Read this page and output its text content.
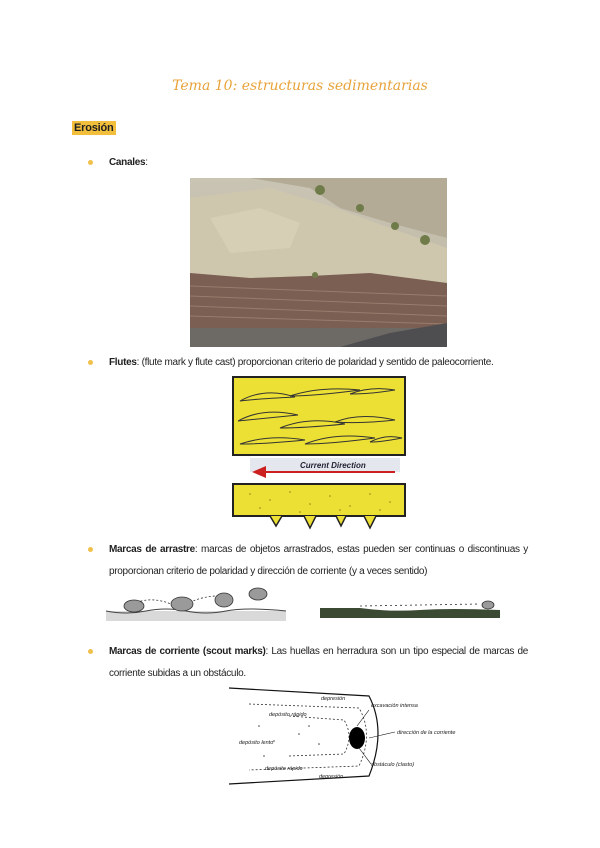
Tema 10: estructuras sedimentarias
Erosión
Canales:
Flutes: (flute mark y flute cast) proporcionan criterio de polaridad y sentido de paleocorriente.
Current Direction
Marcas de arrastre: marcas de objetos arrastrados, estas pueden ser continuas o discontinuas y proporcionan criterio de polaridad y dirección de corriente (y a veces sentido)
Marcas de corriente (scout marks): Las huellas en herradura son un tipo especial de marcas de corriente subidas a un obstáculo.
excavación intensa
depresión
depósito rápido
depósito lento
dirección de la corriente
obstáculo (clasto)
depósito rápido
depresión
